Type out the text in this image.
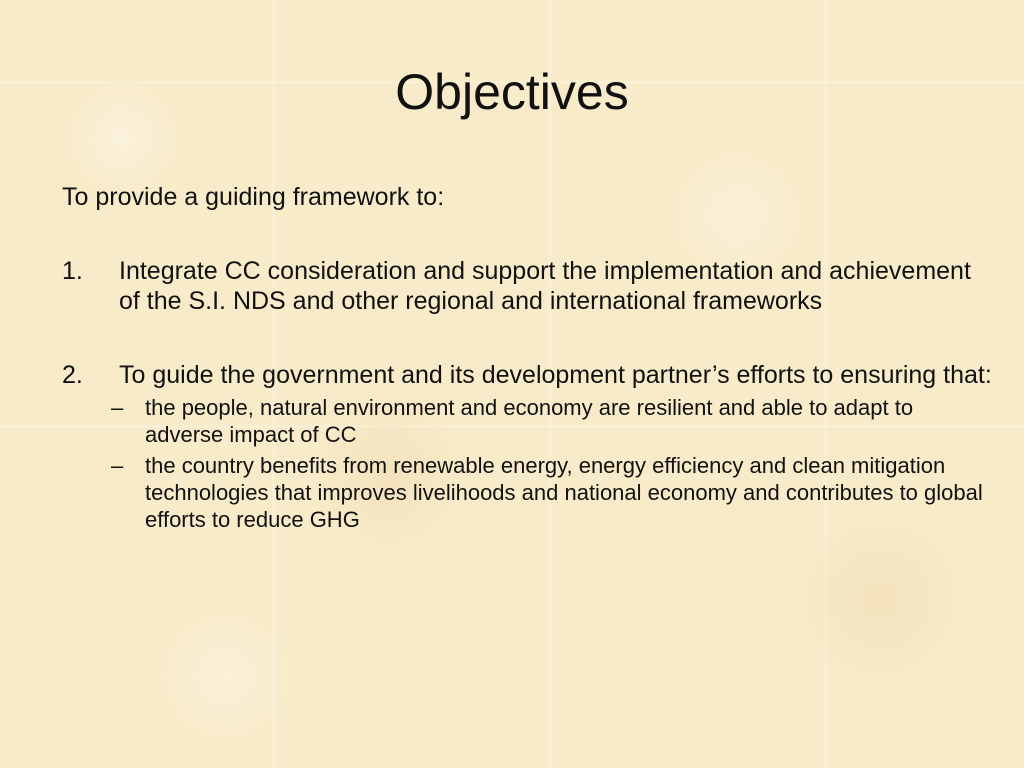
Objectives
To provide a guiding framework to:
1.	Integrate CC consideration and support the implementation and achievement of the S.I. NDS and other regional and international frameworks
2.	To guide the government and its development partner’s efforts to ensuring that:
– the people, natural environment and economy are resilient and able to adapt to adverse impact of CC
– the country benefits from renewable energy, energy efficiency and clean mitigation technologies that improves livelihoods and national economy and contributes to global efforts to reduce GHG
